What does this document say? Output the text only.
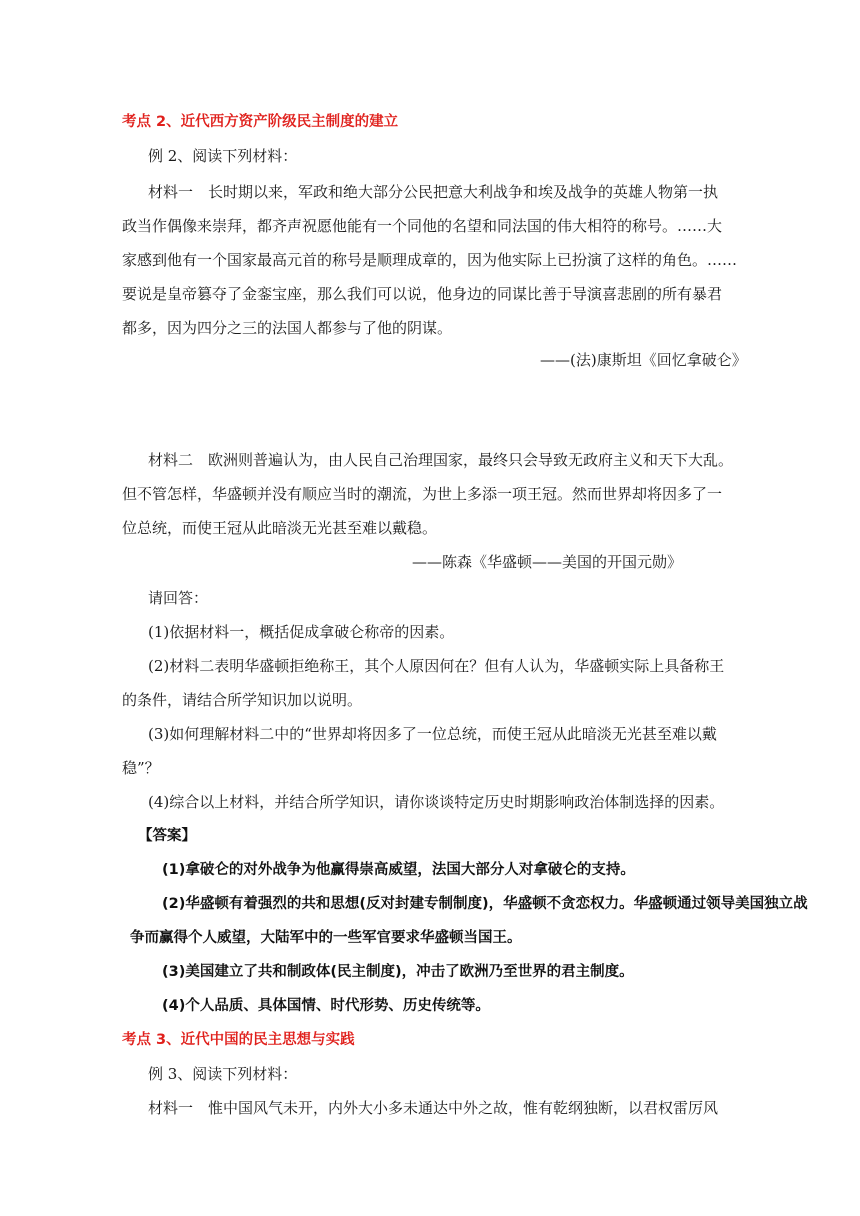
考点 2、近代西方资产阶级民主制度的建立
例 2、阅读下列材料：
材料一　长时期以来，军政和绝大部分公民把意大利战争和埃及战争的英雄人物第一执
政当作偶像来崇拜，都齐声祝愿他能有一个同他的名望和同法国的伟大相符的称号。……大
家感到他有一个国家最高元首的称号是顺理成章的，因为他实际上已扮演了这样的角色。……
要说是皇帝篡夺了金銮宝座，那么我们可以说，他身边的同谋比善于导演喜悲剧的所有暴君
都多，因为四分之三的法国人都参与了他的阴谋。
——(法)康斯坦《回忆拿破仑》
材料二　欧洲则普遍认为，由人民自己治理国家，最终只会导致无政府主义和天下大乱。
但不管怎样，华盛顿并没有顺应当时的潮流，为世上多添一项王冠。然而世界却将因多了一
位总统，而使王冠从此暗淡无光甚至难以戴稳。
——陈森《华盛顿——美国的开国元勋》
请回答：
(1)依据材料一，概括促成拿破仑称帝的因素。
(2)材料二表明华盛顿拒绝称王，其个人原因何在？但有人认为，华盛顿实际上具备称王
的条件，请结合所学知识加以说明。
(3)如何理解材料二中的“世界却将因多了一位总统，而使王冠从此暗淡无光甚至难以戴
稳”？
(4)综合以上材料，并结合所学知识，请你谈谈特定历史时期影响政治体制选择的因素。
【答案】
(1)拿破仑的对外战争为他赢得崇高威望，法国大部分人对拿破仑的支持。
(2)华盛顿有着强烈的共和思想(反对封建专制制度)，华盛顿不贪恋权力。华盛顿通过领导美国独立战
争而赢得个人威望，大陆军中的一些军官要求华盛顿当国王。
(3)美国建立了共和制政体(民主制度)，冲击了欧洲乃至世界的君主制度。
(4)个人品质、具体国情、时代形势、历史传统等。
考点 3、近代中国的民主思想与实践
例 3、阅读下列材料：
材料一　惟中国风气未开，内外大小多未通达中外之故，惟有乾纲独断，以君权雷厉风
